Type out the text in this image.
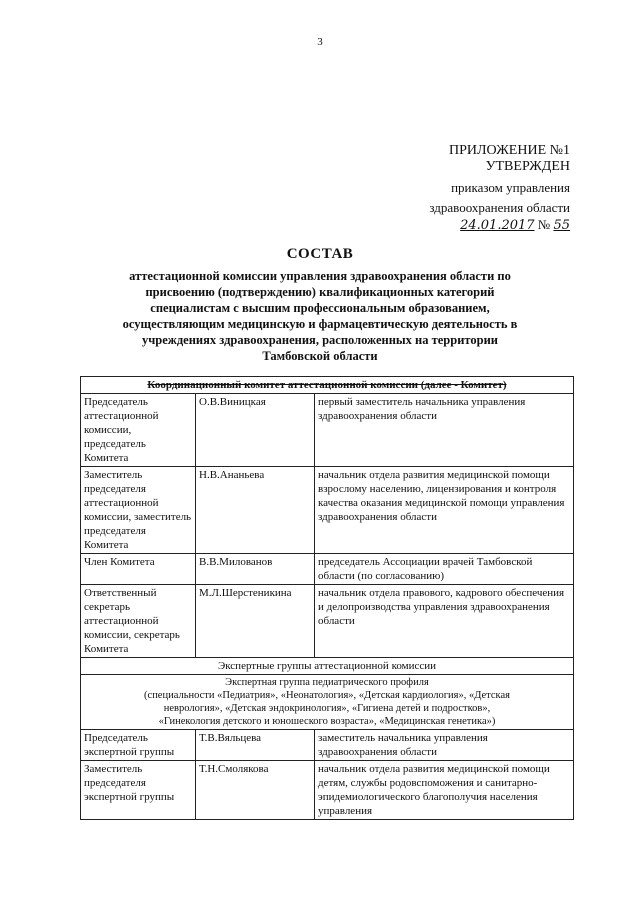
3
ПРИЛОЖЕНИЕ №1
УТВЕРЖДЕН
приказом управления
здравоохранения области
24.01.2017 № 55
СОСТАВ
аттестационной комиссии управления здравоохранения области по
присвоению (подтверждению) квалификационных категорий
специалистам с высшим профессиональным образованием,
осуществляющим медицинскую и фармацевтическую деятельность в
учреждениях здравоохранения, расположенных на территории
Тамбовской области
Координационный комитет аттестационной комиссии (далее - Комитет)		
Председатель аттестационной комиссии, председатель Комитета	О.В.Виницкая	первый заместитель начальника управления здравоохранения области
Заместитель председателя аттестационной комиссии, заместитель председателя Комитета	Н.В.Ананьева	начальник отдела развития медицинской помощи взрослому населению, лицензирования и контроля качества оказания медицинской помощи управления здравоохранения области
Член Комитета	В.В.Милованов	председатель Ассоциации врачей Тамбовской области (по согласованию)
Ответственный секретарь аттестационной комиссии, секретарь Комитета	М.Л.Шерстеникина	начальник отдела правового, кадрового обеспечения и делопроизводства управления здравоохранения области
Экспертные группы аттестационной комиссии		

Экспертная группа педиатрического профиля
(специальности «Педиатрия», «Неонатология», «Детская кардиология», «Детская
неврология», «Детская эндокринология», «Гигиена детей и подростков»,
«Гинекология детского и юношеского возраста», «Медицинская генетика»)		

Председатель экспертной группы	Т.В.Вяльцева	заместитель начальника управления здравоохранения области
Заместитель председателя экспертной группы	Т.Н.Смолякова	начальник отдела развития медицинской помощи детям, службы родовспоможения и санитарно-эпидемиологического благополучия населения управления
